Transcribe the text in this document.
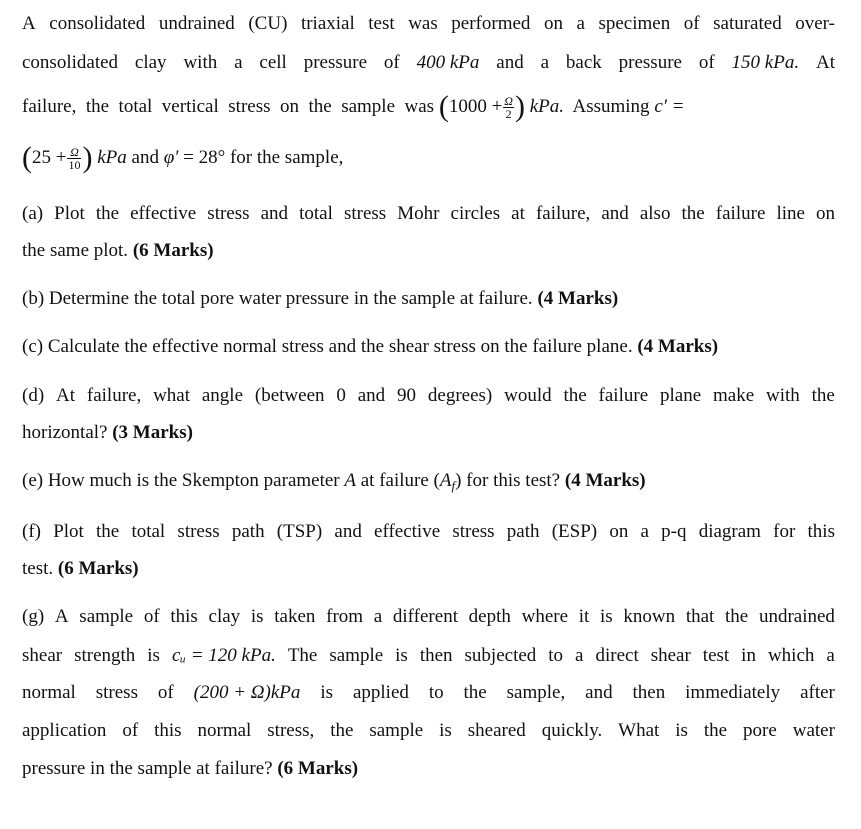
A consolidated undrained (CU) triaxial test was performed on a specimen of saturated over-
consolidated clay with a cell pressure of 400 kPa and a back pressure of 150 kPa. At
failure,  the  total  vertical  stress  on  the  sample  was ($1000 + \frac{\Omega}{2}$ ) kPa.  Assuming c′ =
($25 + \frac{\Omega}{10}$ ) kPa and φ′ = 28° for the sample,
(a) Plot the effective stress and total stress Mohr circles at failure, and also the failure line on
the same plot. (6 Marks)
(b) Determine the total pore water pressure in the sample at failure. (4 Marks)
(c) Calculate the effective normal stress and the shear stress on the failure plane. (4 Marks)
(d) At failure, what angle (between 0 and 90 degrees) would the failure plane make with the
horizontal? (3 Marks)
(e) How much is the Skempton parameter A at failure $(A_f)$ for this test? (4 Marks)
(f) Plot the total stress path (TSP) and effective stress path (ESP) on a p-q diagram for this
test. (6 Marks)
(g) A sample of this clay is taken from a different depth where it is known that the undrained
shear strength is cᵤ = 120 kPa. The sample is then subjected to a direct shear test in which a
normal stress of (200 + Ω)kPa is applied to the sample, and then immediately after
application of this normal stress, the sample is sheared quickly. What is the pore water
pressure in the sample at failure? (6 Marks)
